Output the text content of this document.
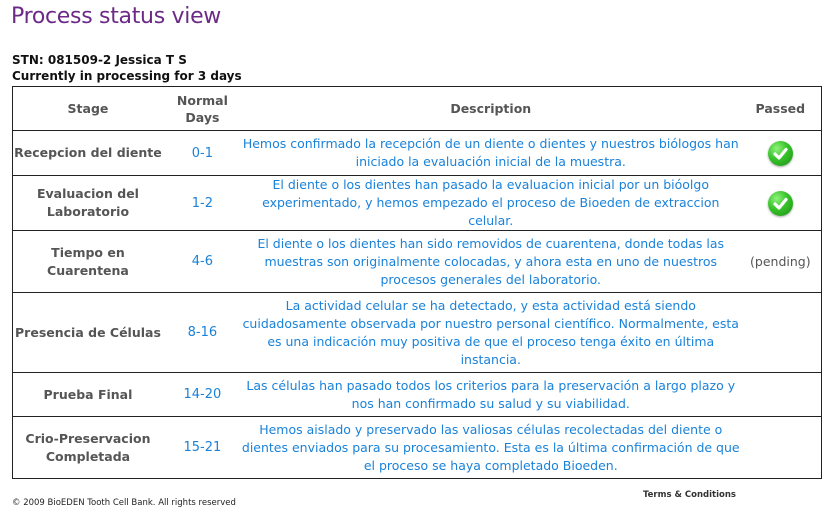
Process status view
STN: 081509-2 Jessica T S
Currently in processing for 3 days
Stage	Normal Days	Description	Passed
Recepcion del diente	0-1	Hemos confirmado la recepción de un diente o dientes y nuestros biólogos han iniciado la evaluación inicial de la muestra.	

Evaluacion del Laboratorio	1-2	El diente o los dientes han pasado la evaluacion inicial por un bióolgo experimentado, y hemos empezado el proceso de Bioeden de extraccion celular.	

Tiempo en Cuarentena	4-6	El diente o los dientes han sido removidos de cuarentena, donde todas las muestras son originalmente colocadas, y ahora esta en uno de nuestros procesos generales del laboratorio.	(pending)
Presencia de Células	8-16	La actividad celular se ha detectado, y esta actividad está siendo cuidadosamente observada por nuestro personal científico. Normalmente, esta es una indicación muy positiva de que el proceso tenga éxito en última instancia.	
Prueba Final	14-20	Las células han pasado todos los criterios para la preservación a largo plazo y nos han confirmado su salud y su viabilidad.	
Crio-Preservacion Completada	15-21	Hemos aislado y preservado las valiosas células recolectadas del diente o dientes enviados para su procesamiento. Esta es la última confirmación de que el proceso se haya completado Bioeden.	
© 2009 BioEDEN Tooth Cell Bank. All rights reserved
Terms & Conditions
